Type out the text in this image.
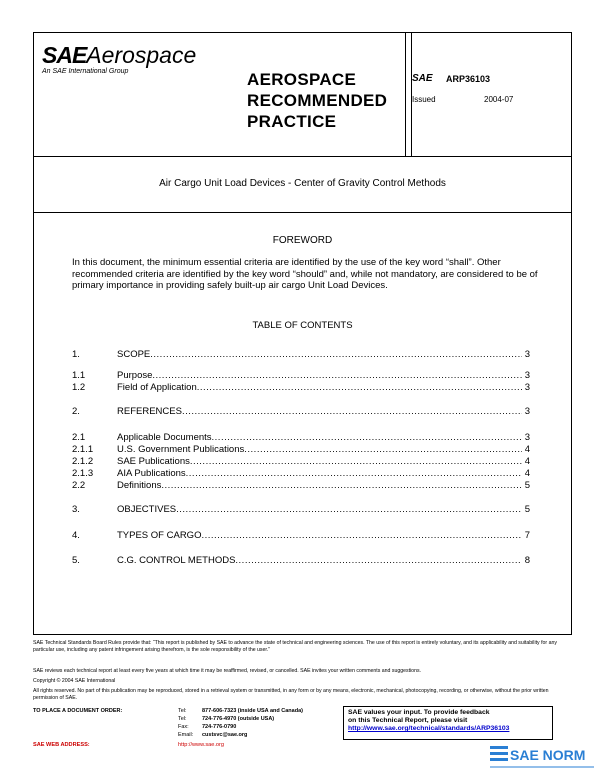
SAEAerospace
An SAE International Group	AEROSPACE
RECOMMENDED
PRACTICE
SAE ARP36103
Issued	2004-07
Air Cargo Unit Load Devices - Center of Gravity Control Methods
FOREWORD
In this document, the minimum essential criteria are identified by the use of the key word “shall”. Other recommended criteria are identified by the key word “should” and, while not mandatory, are considered to be of primary importance in providing safely built-up air cargo Unit Load Devices.
TABLE OF CONTENTS
1.	SCOPE .....	3
1.1	Purpose .....	3
1.2	Field of Application .....	3
2.	REFERENCES .....	3
2.1	Applicable Documents .....	3
2.1.1	U.S. Government Publications .....	4
2.1.2	SAE Publications .....	4
2.1.3	AIA Publications .....	4
2.2	Definitions .....	5
3.	OBJECTIVES .....	5
4.	TYPES OF CARGO .....	7
5.	C.G. CONTROL METHODS .....	8
SAE Technical Standards Board Rules provide that: “This report is published by SAE to advance the state of technical and engineering sciences. The use of this report is entirely voluntary, and its applicability and suitability for any particular use, including any patent infringement arising therefrom, is the sole responsibility of the user.”
SAE reviews each technical report at least every five years at which time it may be reaffirmed, revised, or cancelled. SAE invites your written comments and suggestions.
Copyright © 2004 SAE International
All rights reserved. No part of this publication may be reproduced, stored in a retrieval system or transmitted, in any form or by any means, electronic, mechanical, photocopying, recording, or otherwise, without the prior written permission of SAE.
TO PLACE A DOCUMENT ORDER:	Tel:	877-606-7323 (inside USA and Canada)
Tel:	724-776-4970 (outside USA)
Fax: 724-776-0790
Email: custsvc@sae.org
SAE values your input. To provide feedback
on this Technical Report, please visit
http://www.sae.org/technical/standards/ARP36103
SAE WEB ADDRESS:	http://www.sae.org
SAE NORM
